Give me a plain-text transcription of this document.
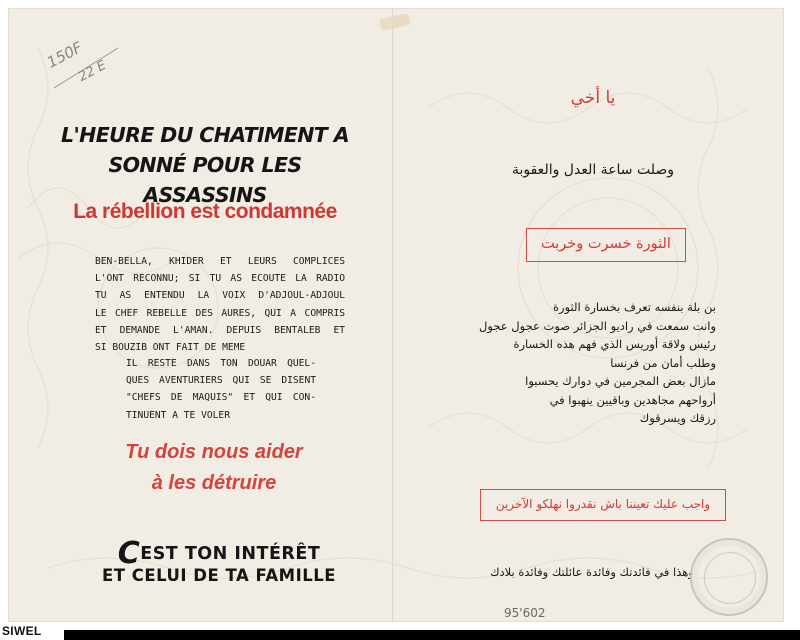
150F
22 E
L'HEURE DU CHATIMENT A
SONNÉ POUR LES ASSASSINS
La rébellion est condamnée
BEN-BELLA, KHIDER ET LEURS COMPLICES
L'ONT RECONNU; SI TU AS ECOUTE LA RADIO
TU AS ENTENDU LA VOIX D'ADJOUL-ADJOUL
LE CHEF REBELLE DES AURES, QUI A COMPRIS
ET DEMANDE L'AMAN. DEPUIS BENTALEB ET
SI BOUZIB ONT FAIT DE MEME
IL RESTE DANS TON DOUAR QUEL-
QUES AVENTURIERS QUI SE DISENT
"CHEFS DE MAQUIS" ET QUI CON-
TINUENT A TE VOLER
Tu dois nous aider
à les détruire
CEST TON INTÉRÊT
ET CELUI DE TA FAMILLE
يا أخي
وصلت ساعة العدل والعقوبة
الثورة خسرت وخربت
بن بلة بنفسه تعرف بخسارة الثورة
وانت سمعت في راديو الجزائر صوت عجول عجول
رئيس ولاقة أوريس الذي فهم هذه الخسارة
وطلب أمان من فرنسا
مازال بعض المجرمين في دوارك يحسبوا
أرواحهم مجاهدين وباقيين ينهبوا في
رزقك ويسرقوك
واجب عليك تعيننا باش نقدروا نهلكو الآخرين
وهذا في فائدتك وفائدة عائلتك وفائدة بلادك
95'602
SIWEL
